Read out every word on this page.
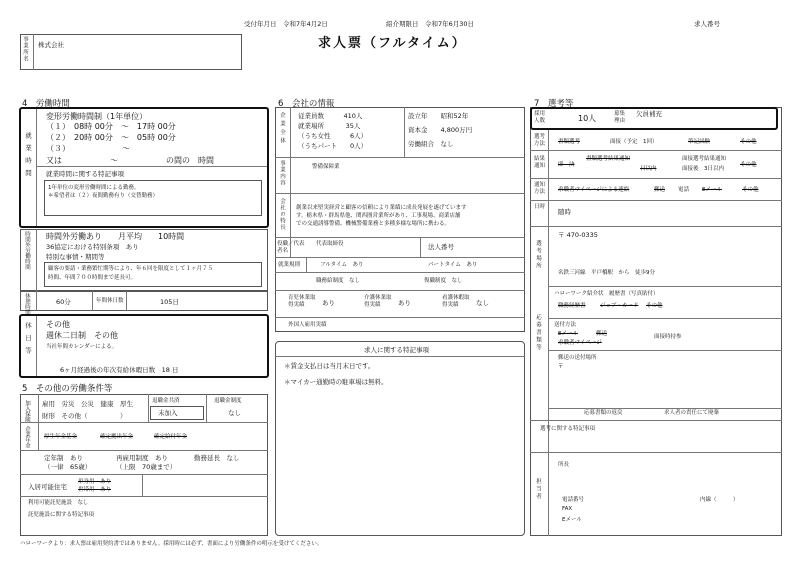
受付年月日　令和7年4月2日	紹介期限日　令和7年6月30日	求人番号
求人票（フルタイム）
事業所名 株式会社
4　労働時間
就業時間
変形労働時間制（1年単位）
（１）　08時 00分　〜　17時 00分
（２）　20時 00分　〜　05時 00分
（３）　　　　　　　〜
又は　　　　　　〜　　　　　　の間の　時間
就業時間に関する特記事項
1年単位の変形労働時間による勤務。
＊希望者は（２）夜間勤務有り（交替勤務）
時間外労働時間 時間外労働あり　　月平均　　10時間
36協定における特別条項　あり
特別な事情・期間等
顧客の要請・業務繁忙期等により、年６回を限度として１ヶ月７５
時間、年間７００時間まで延長可。
休憩時間	60分	年間休日数	105日
休日等 その他
週休二日制　その他
当社年間カレンダーによる。
6ヶ月経過後の年次有給休暇日数　18 日
5　その他の労働条件等
加入保険 雇用　労災　公災　健康　厚生
財形　その他（　　　　　）
退職金共済
未加入
退職金制度
なし
企業年金	厚生年金基金	確定拠出年金	確定給付年金
定年制　あり
（一律　65歳）
再雇用制度　あり
（上限　70歳まで）
勤務延長　なし
入居可能住宅
単身用　あり
世帯用　あり
利用可能託児施設　なし
託児施設に関する特記事項
6　会社の情報
企業全体 従業員数　　　410人
就業場所　　　 35人
（うち女性　　　6人）
（うちパート　　0人）
設立年　　昭和52年
資本金　　4,800万円
労働組合　なし
事業内容	警備保障業
会社の特長 創業以来堅実経営と顧客の信頼により業績に成長発展を遂げています
す。栃木県・群馬県他、関西圏営業所があり、工事現場、商業店舗
での交通誘導警備、機械警備業務と多種多様な場所に携わる。
役職／代表者名
代表取締役	法人番号
就業規則	フルタイム　あり	パートタイム　あり
職務給制度　なし	復職制度　なし
育児休業取得実績	あり
介護休業取得実績	あり
看護休暇取得実績	なし
外国人雇用実績
求人に関する特記事項
＊賃金支払日は当月末日です。
＊マイカー通勤時の駐車場は無料。
7　選考等
採用人数	10人	募集理由
欠員補充
選考方法 書類選考	面接（予定　1回）	筆記試験	その他
結果通知 即　決
書類選考結果通知
日以内
面接選考結果通知
面接後　3日以内
その他
通知方法 求職者マイページによる連絡	郵送 電話 Eメール	その他
日時
随時
選考場所
〒 470-0335
名鉄三河線　平戸橋駅　から　徒歩9分
応募書類等
ハローワーク紹介状　履歴書（写真貼付）
職務経歴書	ジョブ・カード その他
送付方法
Eメール	郵送
求職者マイページ
面接時持参
郵送の送付場所
〒
応募書類の返戻	求人者の責任にて廃棄
選考に関する特記事項
担当者
所長
電話番号	内線（　　　）
FAX
Eメール
ハローワークより：求人票は雇用契約書ではありません。採用時には必ず、書面により労働条件の明示を受けてください。
